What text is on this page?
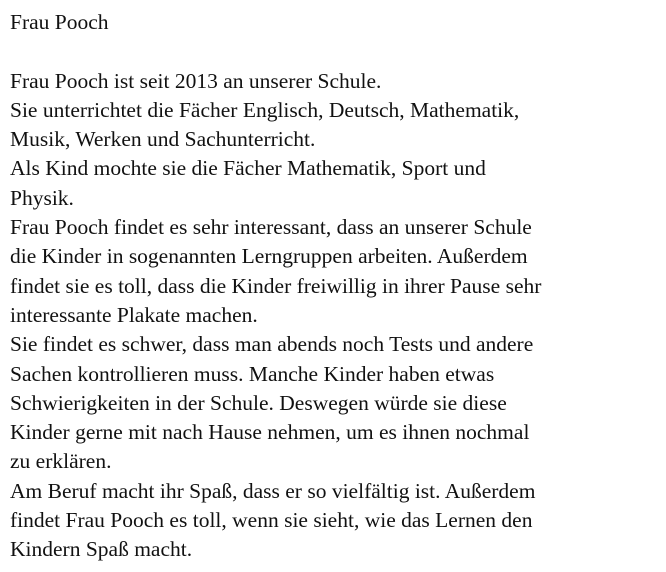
Frau Pooch
Frau Pooch ist seit 2013 an unserer Schule.
Sie unterrichtet die Fächer Englisch, Deutsch, Mathematik,
Musik, Werken und Sachunterricht.
Als Kind mochte sie die Fächer Mathematik, Sport und
Physik.
Frau Pooch findet es sehr interessant, dass an unserer Schule
die Kinder in sogenannten Lerngruppen arbeiten. Außerdem
findet sie es toll, dass die Kinder freiwillig in ihrer Pause sehr
interessante Plakate machen.
Sie findet es schwer, dass man abends noch Tests und andere
Sachen kontrollieren muss. Manche Kinder haben etwas
Schwierigkeiten in der Schule. Deswegen würde sie diese
Kinder gerne mit nach Hause nehmen, um es ihnen nochmal
zu erklären.
Am Beruf macht ihr Spaß, dass er so vielfältig ist. Außerdem
findet Frau Pooch es toll, wenn sie sieht, wie das Lernen den
Kindern Spaß macht.
